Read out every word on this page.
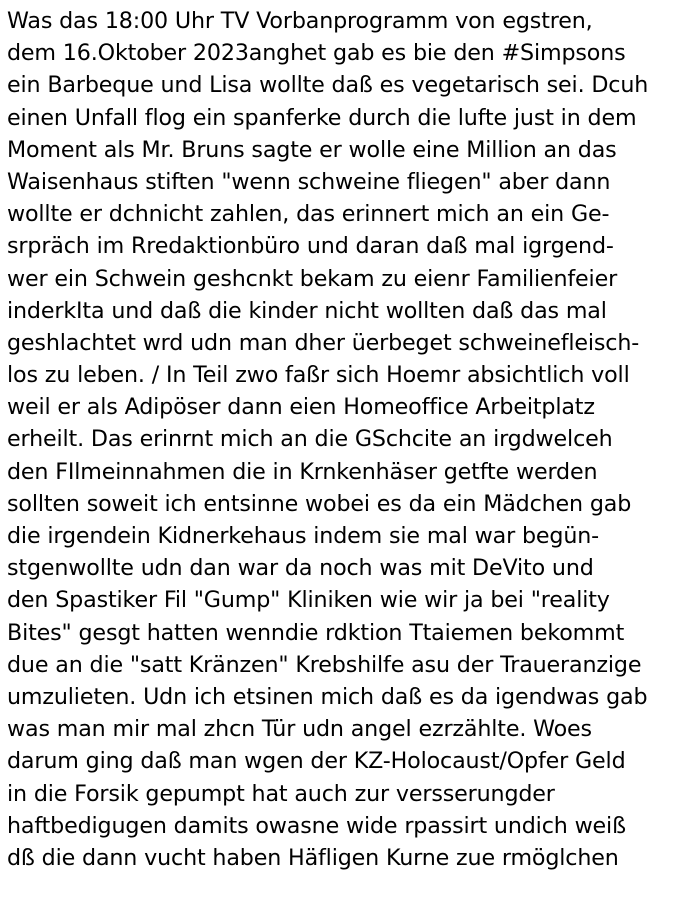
Was das 18:00 Uhr TV Vorbanprogramm von egstren,
dem 16.Oktober 2023anghet gab es bie den #Simpsons
ein Barbeque und Lisa wollte daß es vegetarisch sei. Dcuh
einen Unfall flog ein spanferke durch die lufte just in dem
Moment als Mr. Bruns sagte er wolle eine Million an das
Waisenhaus stiften "wenn schweine fliegen" aber dann
wollte er dchnicht zahlen, das erinnert mich an ein Ge-
srpräch im Rredaktionbüro und daran daß mal igrgend-
wer ein Schwein geshcnkt bekam zu eienr Familienfeier
inderkIta und daß die kinder nicht wollten daß das mal
geshlachtet wrd udn man dher üerbeget schweinefleisch-
los zu leben. / In Teil zwo faßr sich Hoemr absichtlich voll
weil er als Adipöser dann eien Homeoffice Arbeitplatz
erheilt. Das erinrnt mich an die GSchcite an irgdwelceh
den FIlmeinnahmen die in Krnkenhäser getfte werden
sollten soweit ich entsinne wobei es da ein Mädchen gab
die irgendein Kidnerkehaus indem sie mal war begün-
stgenwollte udn dan war da noch was mit DeVito und
den Spastiker Fil "Gump" Kliniken wie wir ja bei "reality
Bites" gesgt hatten wenndie rdktion Ttaiemen bekommt
due an die "satt Kränzen" Krebshilfe asu der Traueranzige
umzulieten. Udn ich etsinen mich daß es da igendwas gab
was man mir mal zhcn Tür udn angel ezrzählte. Woes
darum ging daß man wgen der KZ-Holocaust/Opfer Geld
in die Forsik gepumpt hat auch zur versserungder
haftbedigugen damits owasne wide rpassirt undich weiß
dß die dann vucht haben Häfligen Kurne zue rmöglchen
